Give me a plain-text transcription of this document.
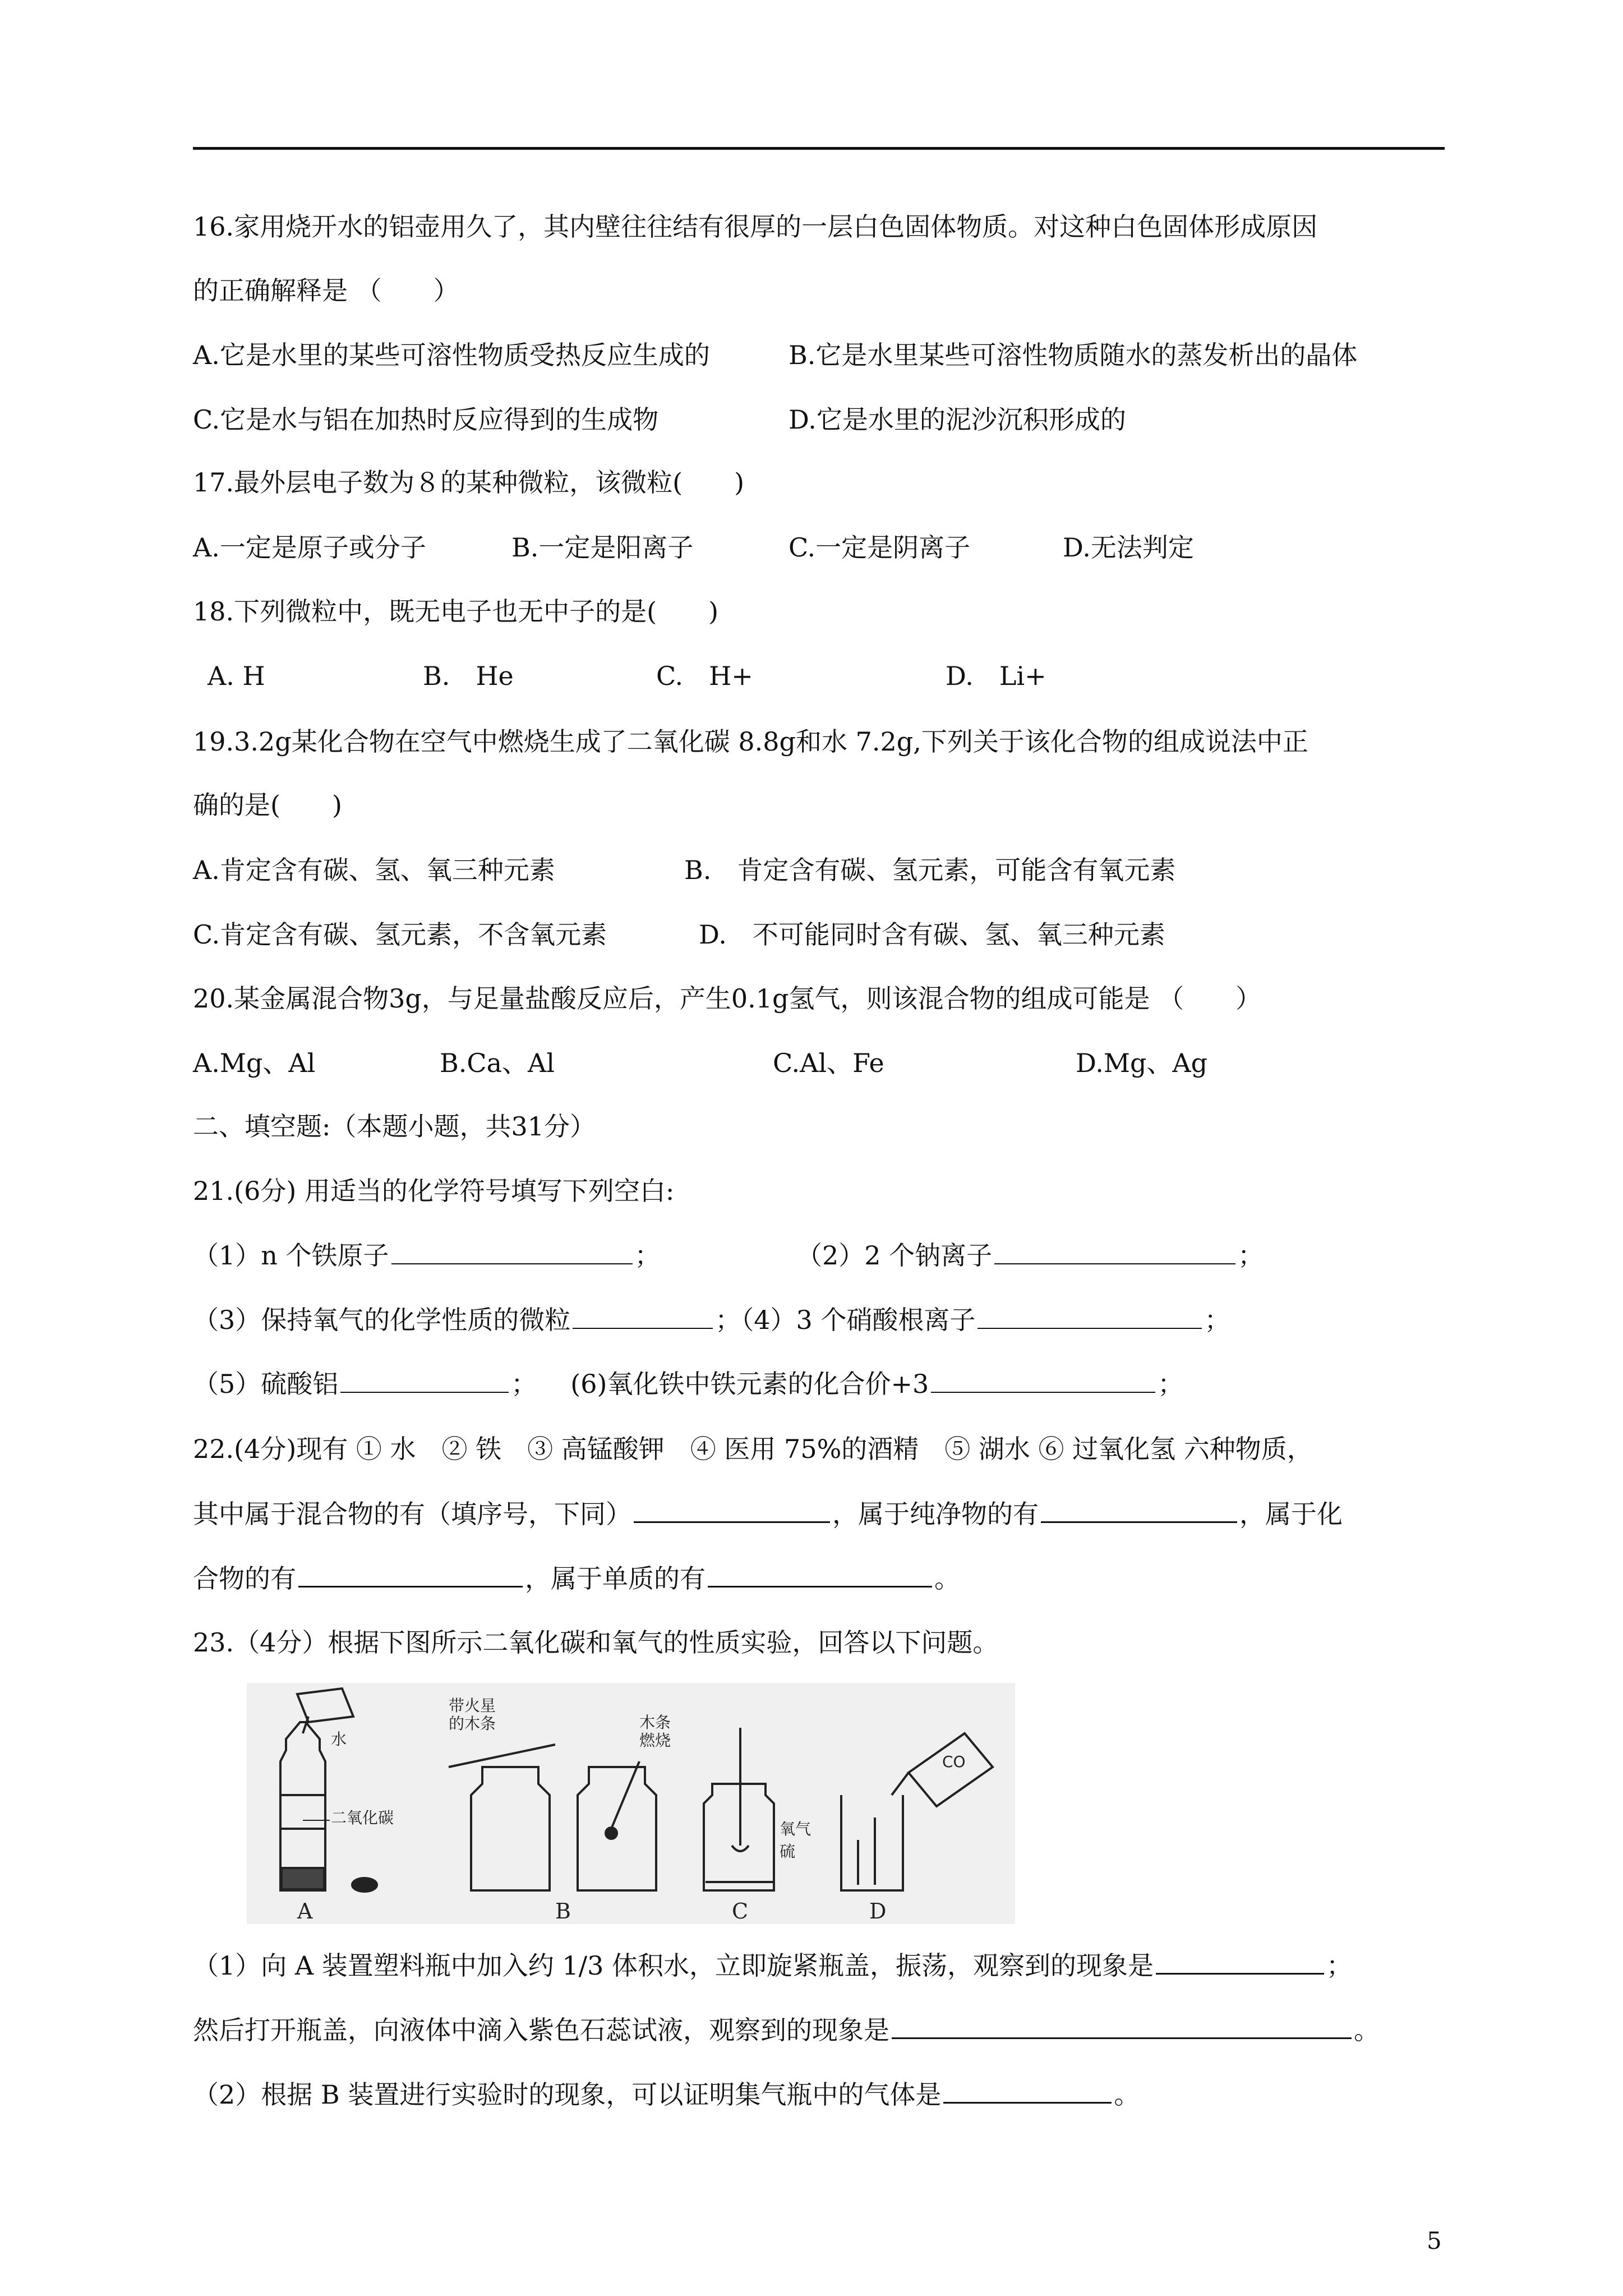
16.家用烧开水的铝壶用久了，其内壁往往结有很厚的一层白色固体物质。对这种白色固体形成原因
的正确解释是 （　　）
A.它是水里的某些可溶性物质受热反应生成的	B.它是水里某些可溶性物质随水的蒸发析出的晶体
C.它是水与铝在加热时反应得到的生成物	D.它是水里的泥沙沉积形成的
17.最外层电子数为８的某种微粒，该微粒(　　)
A.一定是原子或分子	B.一定是阳离子	C.一定是阴离子	D.无法判定
18.下列微粒中，既无电子也无中子的是(　　)
A. H	B.　He	C.　H+	D.　Li+
19.3.2g某化合物在空气中燃烧生成了二氧化碳 8.8g和水 7.2g,下列关于该化合物的组成说法中正
确的是(　　)
A.肯定含有碳、氢、氧三种元素	B.　肯定含有碳、氢元素，可能含有氧元素
C.肯定含有碳、氢元素，不含氧元素	D.　不可能同时含有碳、氢、氧三种元素
20.某金属混合物3g，与足量盐酸反应后，产生0.1g氢气，则该混合物的组成可能是 （　　）
A.Mg、Al	B.Ca、Al	C.Al、Fe	D.Mg、Ag
二、填空题:（本题小题，共31分）
21.(6分) 用适当的化学符号填写下列空白:
（1）n 个铁原子	；	（2）2 个钠离子	；
（3）保持氧气的化学性质的微粒	；（4）3 个硝酸根离子	；
（5）硫酸铝	； (6)氧化铁中铁元素的化合价+3	；
22.(4分)现有 ① 水　② 铁　③ 高锰酸钾　④ 医用 75%的酒精　⑤ 湖水 ⑥ 过氧化氢 六种物质，
其中属于混合物的有（填序号，下同）	，属于纯净物的有	，属于化
合物的有	，属于单质的有	。
23.（4分）根据下图所示二氧化碳和氧气的性质实验，回答以下问题。
水
二氧化碳
带火星
的木条	木条
燃烧
氧气
硫
CO
A	B	C	D
（1）向 A 装置塑料瓶中加入约 1/3 体积水，立即旋紧瓶盖，振荡，观察到的现象是	；
然后打开瓶盖，向液体中滴入紫色石蕊试液，观察到的现象是	。
（2）根据 B 装置进行实验时的现象，可以证明集气瓶中的气体是	。
5
